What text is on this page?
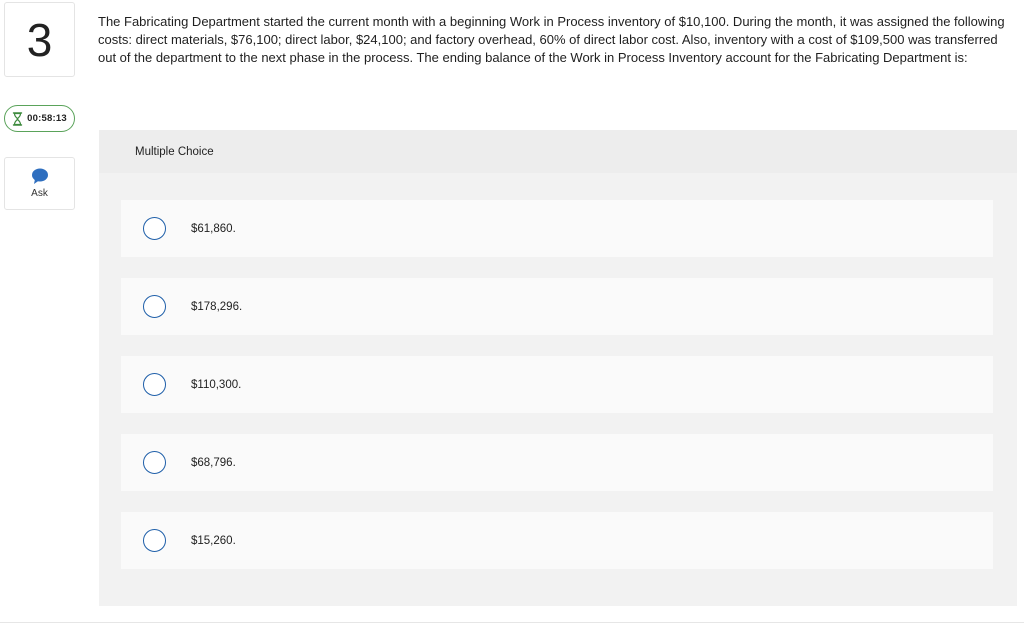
3
00:58:13
Ask

The Fabricating Department started the current month with a beginning Work in Process inventory of $10,100. During the month, it was assigned the following costs: direct materials, $76,100; direct labor, $24,100; and factory overhead, 60% of direct labor cost. Also, inventory with a cost of $109,500 was transferred out of the department to the next phase in the process. The ending balance of the Work in Process Inventory account for the Fabricating Department is:

Multiple Choice
$61,860.
$178,296.
$110,300.
$68,796.
$15,260.
